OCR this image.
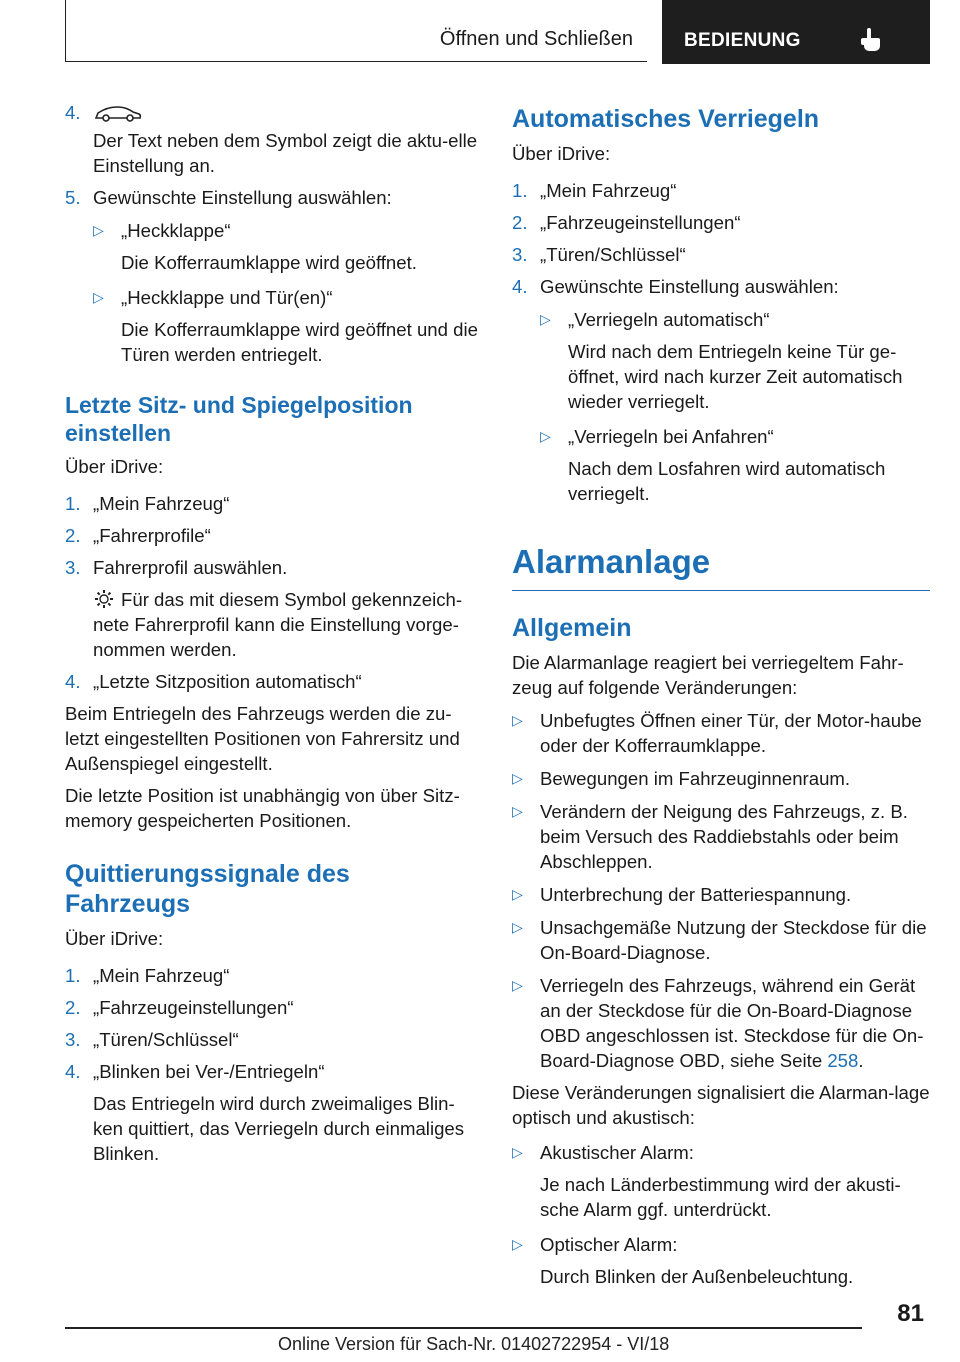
Öffnen und Schließen	BEDIENUNG
4.
Der Text neben dem Symbol zeigt die aktu-elle Einstellung an.
5. Gewünschte Einstellung auswählen:
▷ „Heckklappe“
Die Kofferraumklappe wird geöffnet.
▷ „Heckklappe und Tür(en)“
Die Kofferraumklappe wird geöffnet und die Türen werden entriegelt.
Letzte Sitz- und Spiegelposition einstellen

Über iDrive:

1. „Mein Fahrzeug“
2. „Fahrerprofile“
3. Fahrerprofil auswählen.
Für das mit diesem Symbol gekennzeich-nete Fahrerprofil kann die Einstellung vorge-nommen werden.
4. „Letzte Sitzposition automatisch“

Beim Entriegeln des Fahrzeugs werden die zu-letzt eingestellten Positionen von Fahrersitz und Außenspiegel eingestellt.

Die letzte Position ist unabhängig von über Sitz-memory gespeicherten Positionen.

Quittierungssignale des Fahrzeugs

Über iDrive:

1. „Mein Fahrzeug“
2. „Fahrzeugeinstellungen“
3. „Türen/Schlüssel“
4. „Blinken bei Ver-/Entriegeln“
Das Entriegeln wird durch zweimaliges Blin-ken quittiert, das Verriegeln durch einmaliges Blinken.
Automatisches Verriegeln

Über iDrive:

1. „Mein Fahrzeug“
2. „Fahrzeugeinstellungen“
3. „Türen/Schlüssel“
4. Gewünschte Einstellung auswählen:
▷ „Verriegeln automatisch“
Wird nach dem Entriegeln keine Tür ge-öffnet, wird nach kurzer Zeit automatisch wieder verriegelt.
▷ „Verriegeln bei Anfahren“
Nach dem Losfahren wird automatisch verriegelt.
Alarmanlage
Allgemein

Die Alarmanlage reagiert bei verriegeltem Fahr-zeug auf folgende Veränderungen:

▷ Unbefugtes Öffnen einer Tür, der Motor-haube oder der Kofferraumklappe.
▷ Bewegungen im Fahrzeuginnenraum.
▷ Verändern der Neigung des Fahrzeugs, z. B. beim Versuch des Raddiebstahls oder beim Abschleppen.
▷ Unterbrechung der Batteriespannung.
▷ Unsachgemäße Nutzung der Steckdose für die On-Board-Diagnose.
▷ Verriegeln des Fahrzeugs, während ein Gerät an der Steckdose für die On-Board-Diagnose OBD angeschlossen ist. Steckdose für die On-Board-Diagnose OBD, siehe Seite 258.

Diese Veränderungen signalisiert die Alarman-lage optisch und akustisch:

▷ Akustischer Alarm:
Je nach Länderbestimmung wird der akusti-sche Alarm ggf. unterdrückt.
▷ Optischer Alarm:
Durch Blinken der Außenbeleuchtung.
81
Online Version für Sach-Nr. 01402722954 - VI/18
